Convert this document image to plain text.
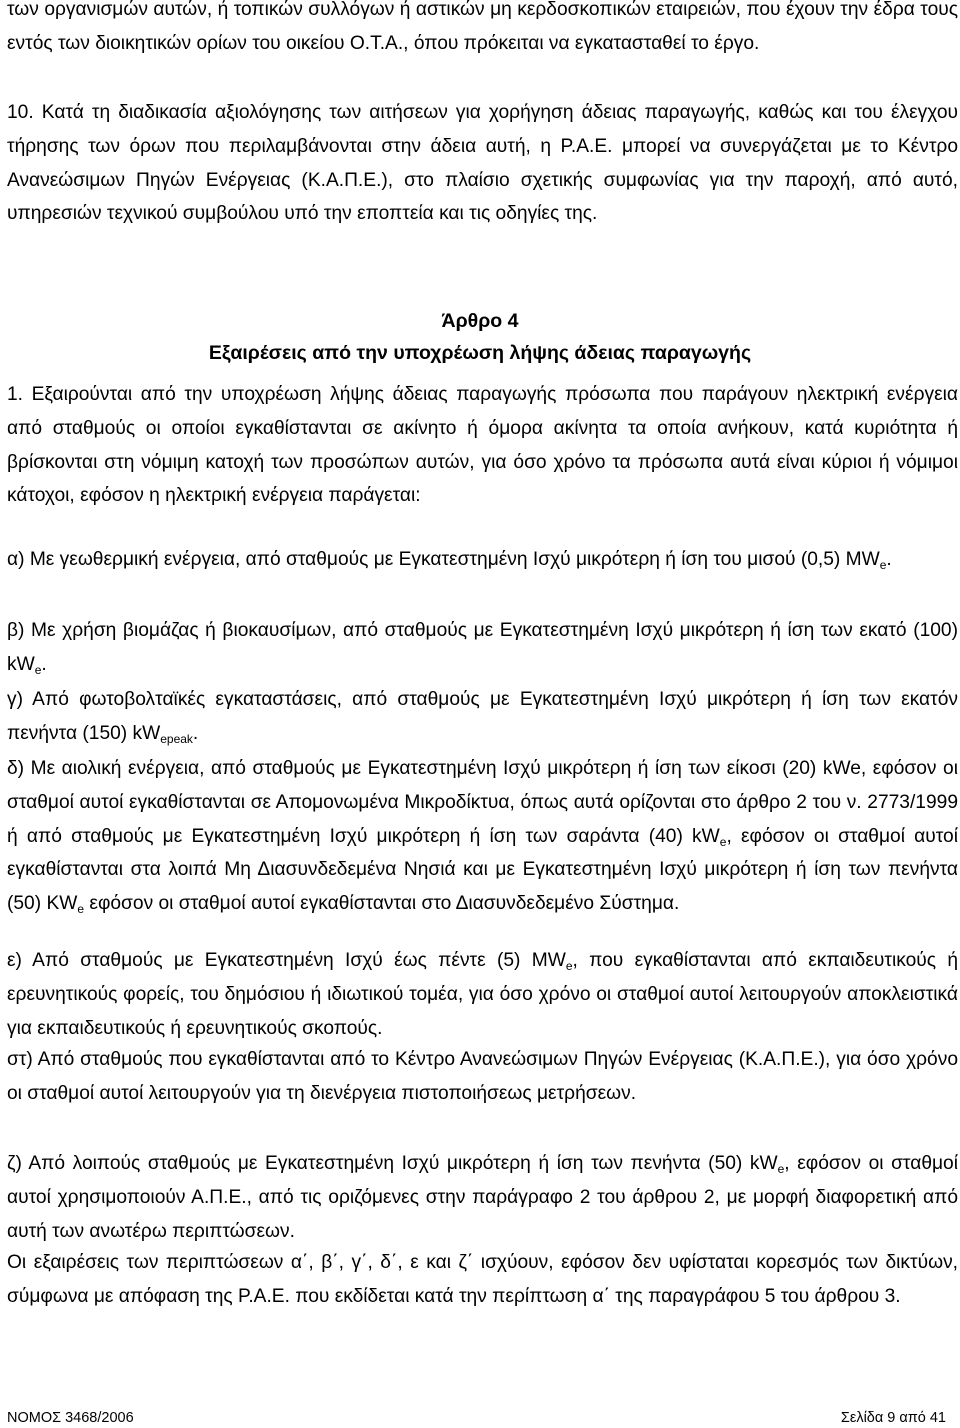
των οργανισμών αυτών, ή τοπικών συλλόγων ή αστικών μη κερδοσκοπικών εταιρειών, που έχουν την έδρα τους εντός των διοικητικών ορίων του οικείου Ο.Τ.Α., όπου πρόκειται να εγκατασταθεί το έργο.

10. Κατά τη διαδικασία αξιολόγησης των αιτήσεων για χορήγηση άδειας παραγωγής, καθώς και του έλεγχου τήρησης των όρων που περιλαμβάνονται στην άδεια αυτή, η Ρ.Α.Ε. μπορεί να συνεργάζεται με το Κέντρο Ανανεώσιμων Πηγών Ενέργειας (Κ.Α.Π.Ε.), στο πλαίσιο σχετικής συμφωνίας για την παροχή, από αυτό, υπηρεσιών τεχνικού συμβούλου υπό την εποπτεία και τις οδηγίες της.

Άρθρο 4
Εξαιρέσεις από την υποχρέωση λήψης άδειας παραγωγής

1. Εξαιρούνται από την υποχρέωση λήψης άδειας παραγωγής πρόσωπα που παράγουν ηλεκτρική ενέργεια από σταθμούς οι οποίοι εγκαθίστανται σε ακίνητο ή όμορα ακίνητα τα οποία ανήκουν, κατά κυριότητα ή βρίσκονται στη νόμιμη κατοχή των προσώπων αυτών, για όσο χρόνο τα πρόσωπα αυτά είναι κύριοι ή νόμιμοι κάτοχοι, εφόσον η ηλεκτρική ενέργεια παράγεται:

α) Με γεωθερμική ενέργεια, από σταθμούς με Εγκατεστημένη Ισχύ μικρότερη ή ίση του μισού (0,5) $MW_e$.

β) Με χρήση βιομάζας ή βιοκαυσίμων, από σταθμούς με Εγκατεστημένη Ισχύ μικρότερη ή ίση των εκατό (100) $kW_e$.

γ) Από φωτοβολταϊκές εγκαταστάσεις, από σταθμούς με Εγκατεστημένη Ισχύ μικρότερη ή ίση των εκατόν πενήντα (150) $kW_{epeak}$.

δ) Με αιολική ενέργεια, από σταθμούς με Εγκατεστημένη Ισχύ μικρότερη ή ίση των είκοσι (20) kWe, εφόσον οι σταθμοί αυτοί εγκαθίστανται σε Απομονωμένα Μικροδίκτυα, όπως αυτά ορίζονται στο άρθρο 2 του ν. 2773/1999 ή από σταθμούς με Εγκατεστημένη Ισχύ μικρότερη ή ίση των σαράντα (40) $kW_e$, εφόσον οι σταθμοί αυτοί εγκαθίστανται στα λοιπά Μη Διασυνδεδεμένα Νησιά και με Εγκατεστημένη Ισχύ μικρότερη ή ίση των πενήντα (50) $KW_e$ εφόσον οι σταθμοί αυτοί εγκαθίστανται στο Διασυνδεδεμένο Σύστημα.

ε) Από σταθμούς με Εγκατεστημένη Ισχύ έως πέντε (5) $MW_e$, που εγκαθίστανται από εκπαιδευτικούς ή ερευνητικούς φορείς, του δημόσιου ή ιδιωτικού τομέα, για όσο χρόνο οι σταθμοί αυτοί λειτουργούν αποκλειστικά για εκπαιδευτικούς ή ερευνητικούς σκοπούς.

στ) Από σταθμούς που εγκαθίστανται από το Κέντρο Ανανεώσιμων Πηγών Ενέργειας (Κ.Α.Π.Ε.), για όσο χρόνο οι σταθμοί αυτοί λειτουργούν για τη διενέργεια πιστοποιήσεως μετρήσεων.

ζ) Από λοιπούς σταθμούς με Εγκατεστημένη Ισχύ μικρότερη ή ίση των πενήντα (50) $kW_e$, εφόσον οι σταθμοί αυτοί χρησιμοποιούν Α.Π.Ε., από τις οριζόμενες στην παράγραφο 2 του άρθρου 2, με μορφή διαφορετική από αυτή των ανωτέρω περιπτώσεων.

Οι εξαιρέσεις των περιπτώσεων α΄, β΄, γ΄, δ΄, ε και ζ΄ ισχύουν, εφόσον δεν υφίσταται κορεσμός των δικτύων, σύμφωνα με απόφαση της Ρ.Α.Ε. που εκδίδεται κατά την περίπτωση α΄ της παραγράφου 5 του άρθρου 3.

ΝΟΜΟΣ 3468/2006	Σελίδα 9 από 41
